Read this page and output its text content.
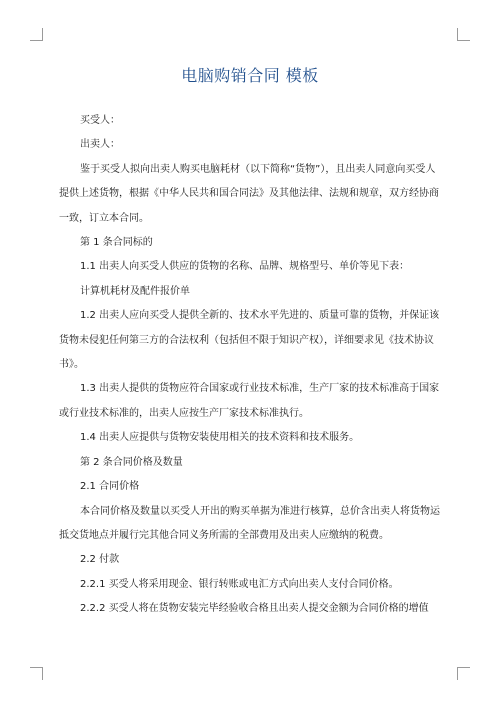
电脑购销合同 模板

买受人：

出卖人：

鉴于买受人拟向出卖人购买电脑耗材（以下简称“货物”），且出卖人同意向买受人提供上述货物，根据《中华人民共和国合同法》及其他法律、法规和规章，双方经协商一致，订立本合同。

第 1 条合同标的

1.1 出卖人向买受人供应的货物的名称、品牌、规格型号、单价等见下表：

计算机耗材及配件报价单

1.2 出卖人应向买受人提供全新的、技术水平先进的、质量可靠的货物，并保证该货物未侵犯任何第三方的合法权利（包括但不限于知识产权），详细要求见《技术协议书》。

1.3 出卖人提供的货物应符合国家或行业技术标准，生产厂家的技术标准高于国家或行业技术标准的，出卖人应按生产厂家技术标准执行。

1.4 出卖人应提供与货物安装使用相关的技术资料和技术服务。

第 2 条合同价格及数量

2.1 合同价格

本合同价格及数量以买受人开出的购买单据为准进行核算，总价含出卖人将货物运抵交货地点并履行完其他合同义务所需的全部费用及出卖人应缴纳的税费。

2.2 付款

2.2.1 买受人将采用现金、银行转账或电汇方式向出卖人支付合同价格。

2.2.2 买受人将在货物安装完毕经验收合格且出卖人提交金额为合同价格的增值
